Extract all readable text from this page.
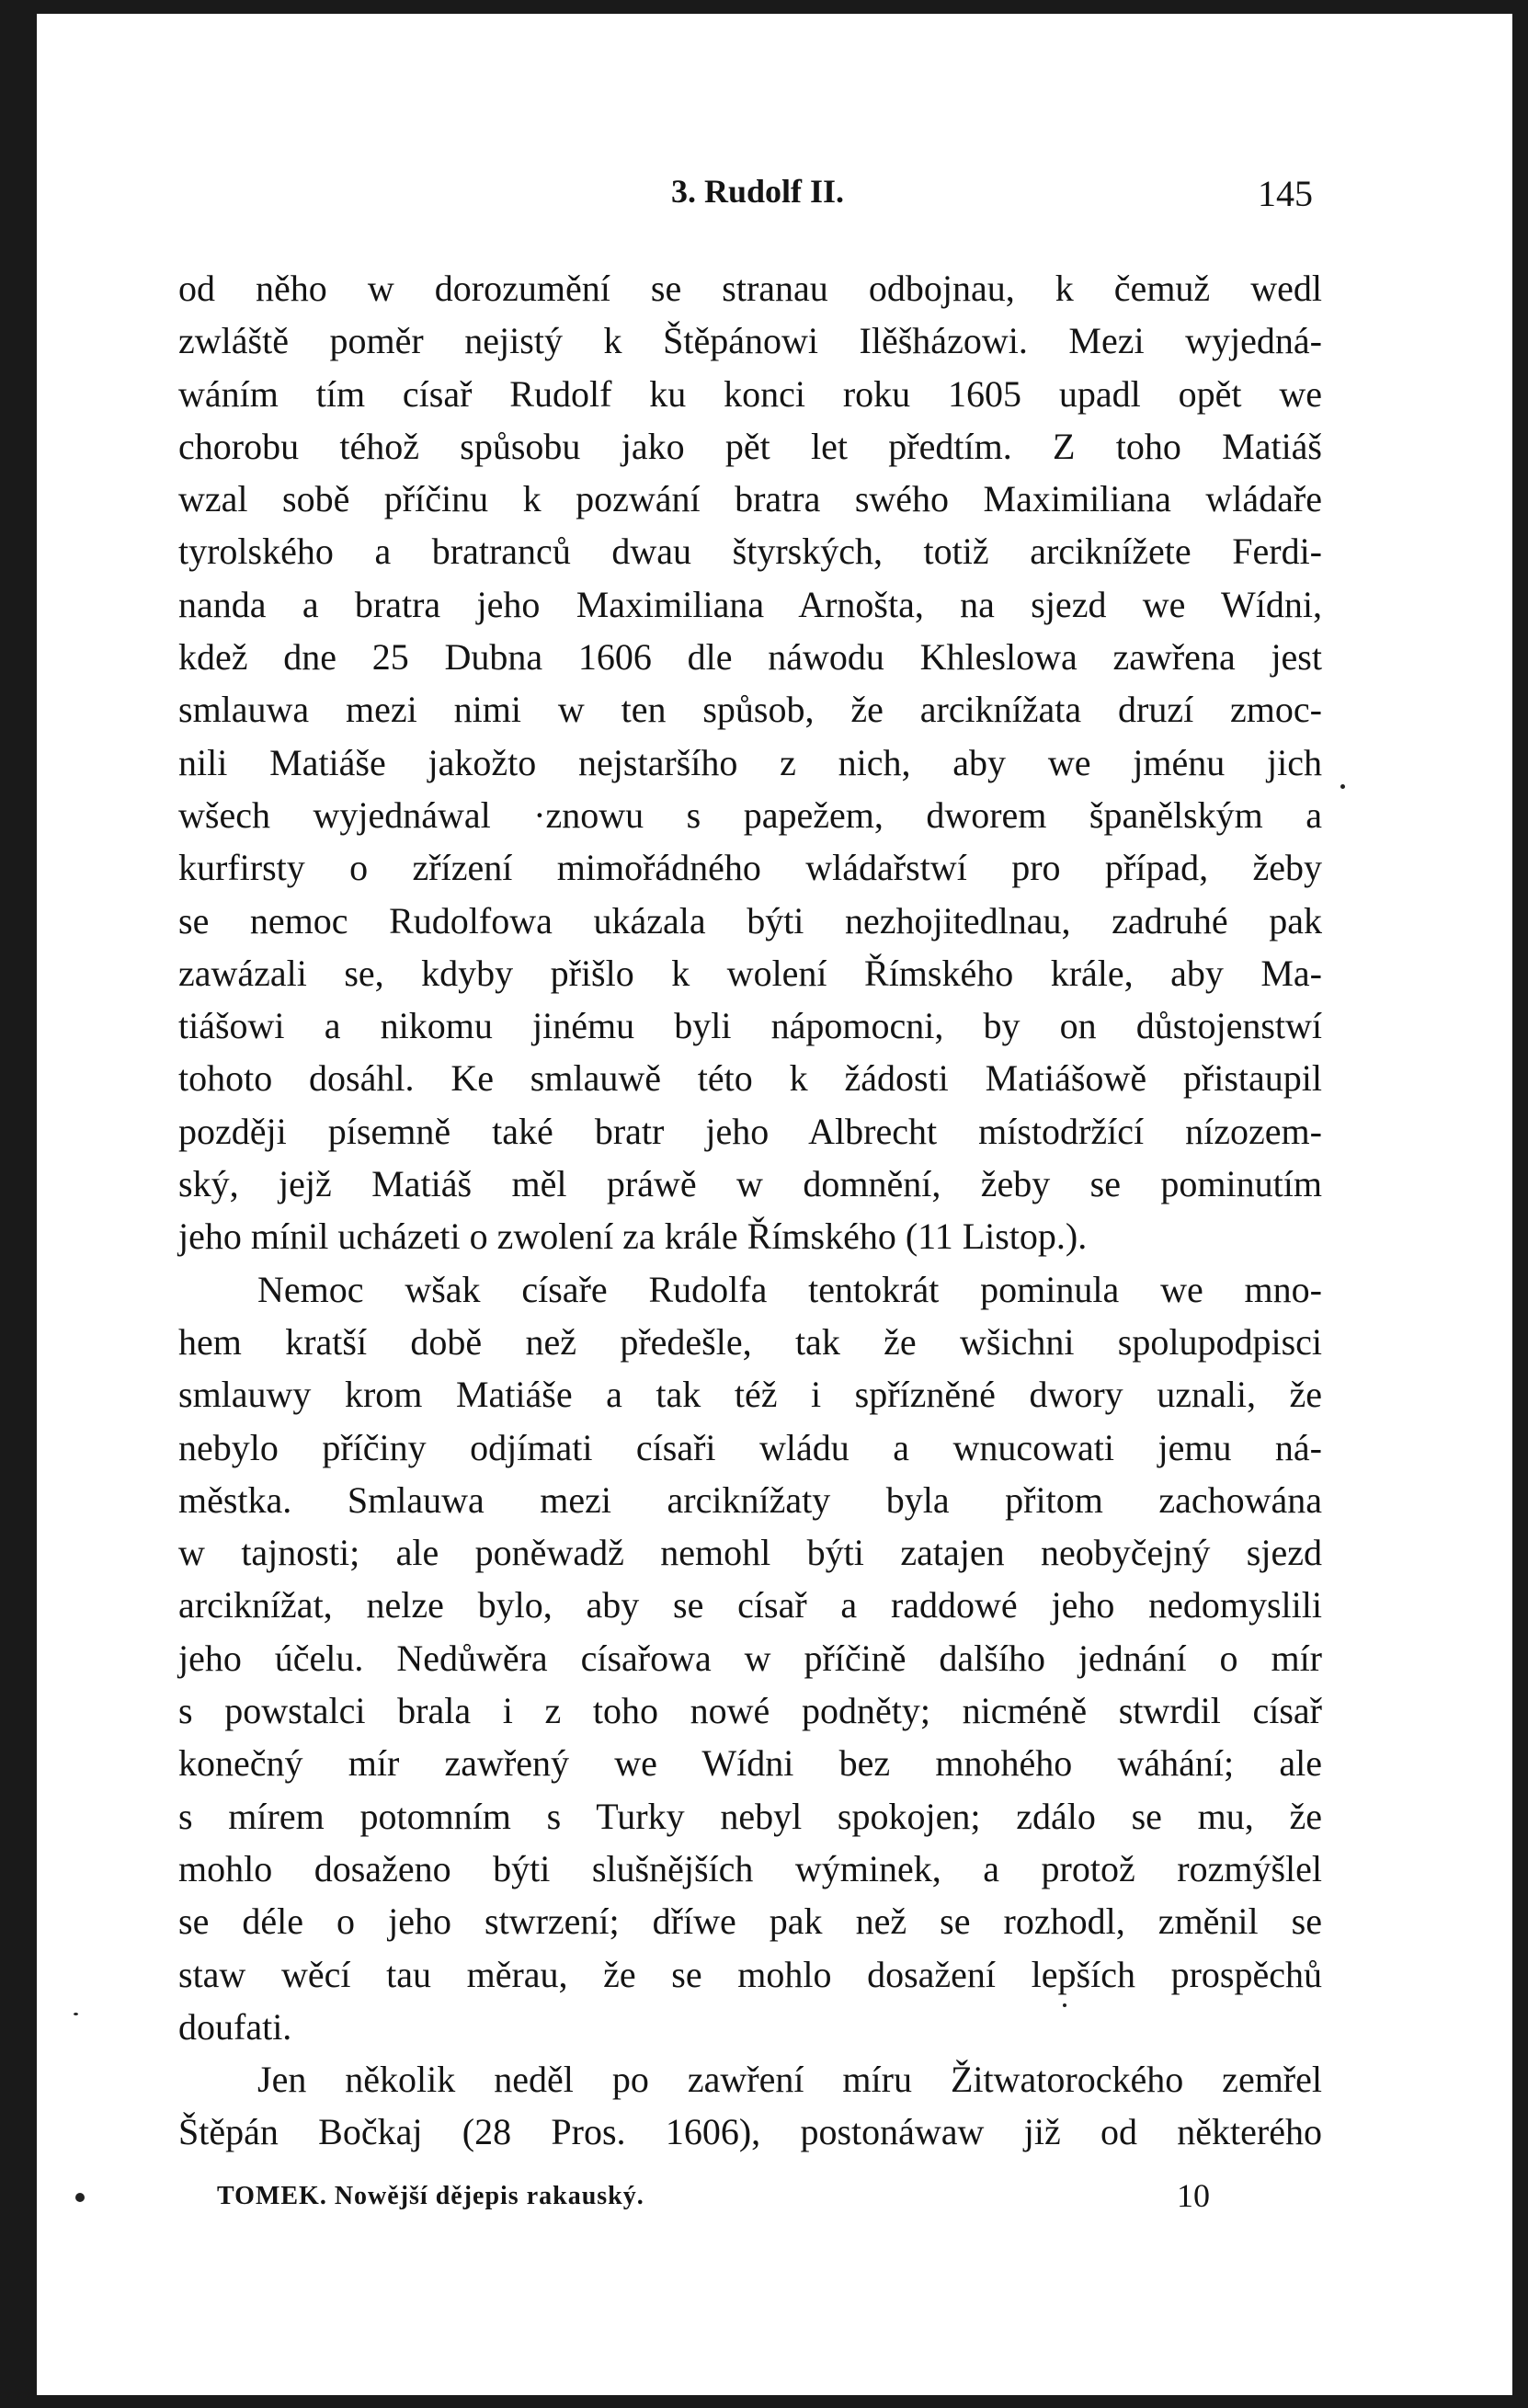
3. Rudolf II.	145
od něho w dorozumění se stranau odbojnau, k čemuž wedl
zwláště poměr nejistý k Štěpánowi Ilěšházowi. Mezi wyjedná-
wáním tím císař Rudolf ku konci roku 1605 upadl opět we
chorobu téhož spůsobu jako pět let předtím. Z toho Matiáš
wzal sobě příčinu k pozwání bratra swého Maximiliana wládaře
tyrolského a bratranců dwau štyrských, totiž arciknížete Ferdi-
nanda a bratra jeho Maximiliana Arnošta, na sjezd we Wídni,
kdež dne 25 Dubna 1606 dle náwodu Khleslowa zawřena jest
smlauwa mezi nimi w ten spůsob, že arciknížata druzí zmoc-
nili Matiáše jakožto nejstaršího z nich, aby we jménu jich
wšech wyjednáwal ·znowu s papežem, dworem španělským a
kurfirsty o zřízení mimořádného wládařstwí pro případ, žeby
se nemoc Rudolfowa ukázala býti nezhojitedlnau, zadruhé pak
zawázali se, kdyby přišlo k wolení Římského krále, aby Ma-
tiášowi a nikomu jinému byli nápomocni, by on důstojenstwí
tohoto dosáhl. Ke smlauwě této k žádosti Matiášowě přistaupil
později písemně také bratr jeho Albrecht místodržící nízozem-
ský, jejž Matiáš měl práwě w domnění, žeby se pominutím
jeho mínil ucházeti o zwolení za krále Římského (11 Listop.).
Nemoc wšak císaře Rudolfa tentokrát pominula we mno-
hem kratší době než předešle, tak že wšichni spolupodpisci
smlauwy krom Matiáše a tak též i spřízněné dwory uznali, že
nebylo příčiny odjímati císaři wládu a wnucowati jemu ná-
městka. Smlauwa mezi arciknížaty byla přitom zachowána
w tajnosti; ale poněwadž nemohl býti zatajen neobyčejný sjezd
arciknížat, nelze bylo, aby se císař a raddowé jeho nedomyslili
jeho účelu. Nedůwěra císařowa w příčině dalšího jednání o mír
s powstalci brala i z toho nowé podněty; nicméně stwrdil císař
konečný mír zawřený we Wídni bez mnohého wáhání; ale
s mírem potomním s Turky nebyl spokojen; zdálo se mu, že
mohlo dosaženo býti slušnějších wýminek, a protož rozmýšlel
se déle o jeho stwrzení; dříwe pak než se rozhodl, změnil se
staw wěcí tau měrau, že se mohlo dosažení lepších prospěchů
doufati.
Jen několik neděl po zawření míru Žitwatorockého zemřel
Štěpán Bočkaj (28 Pros. 1606), postonáwaw již od některého
TOMEK. Nowější dějepis rakauský.	10
